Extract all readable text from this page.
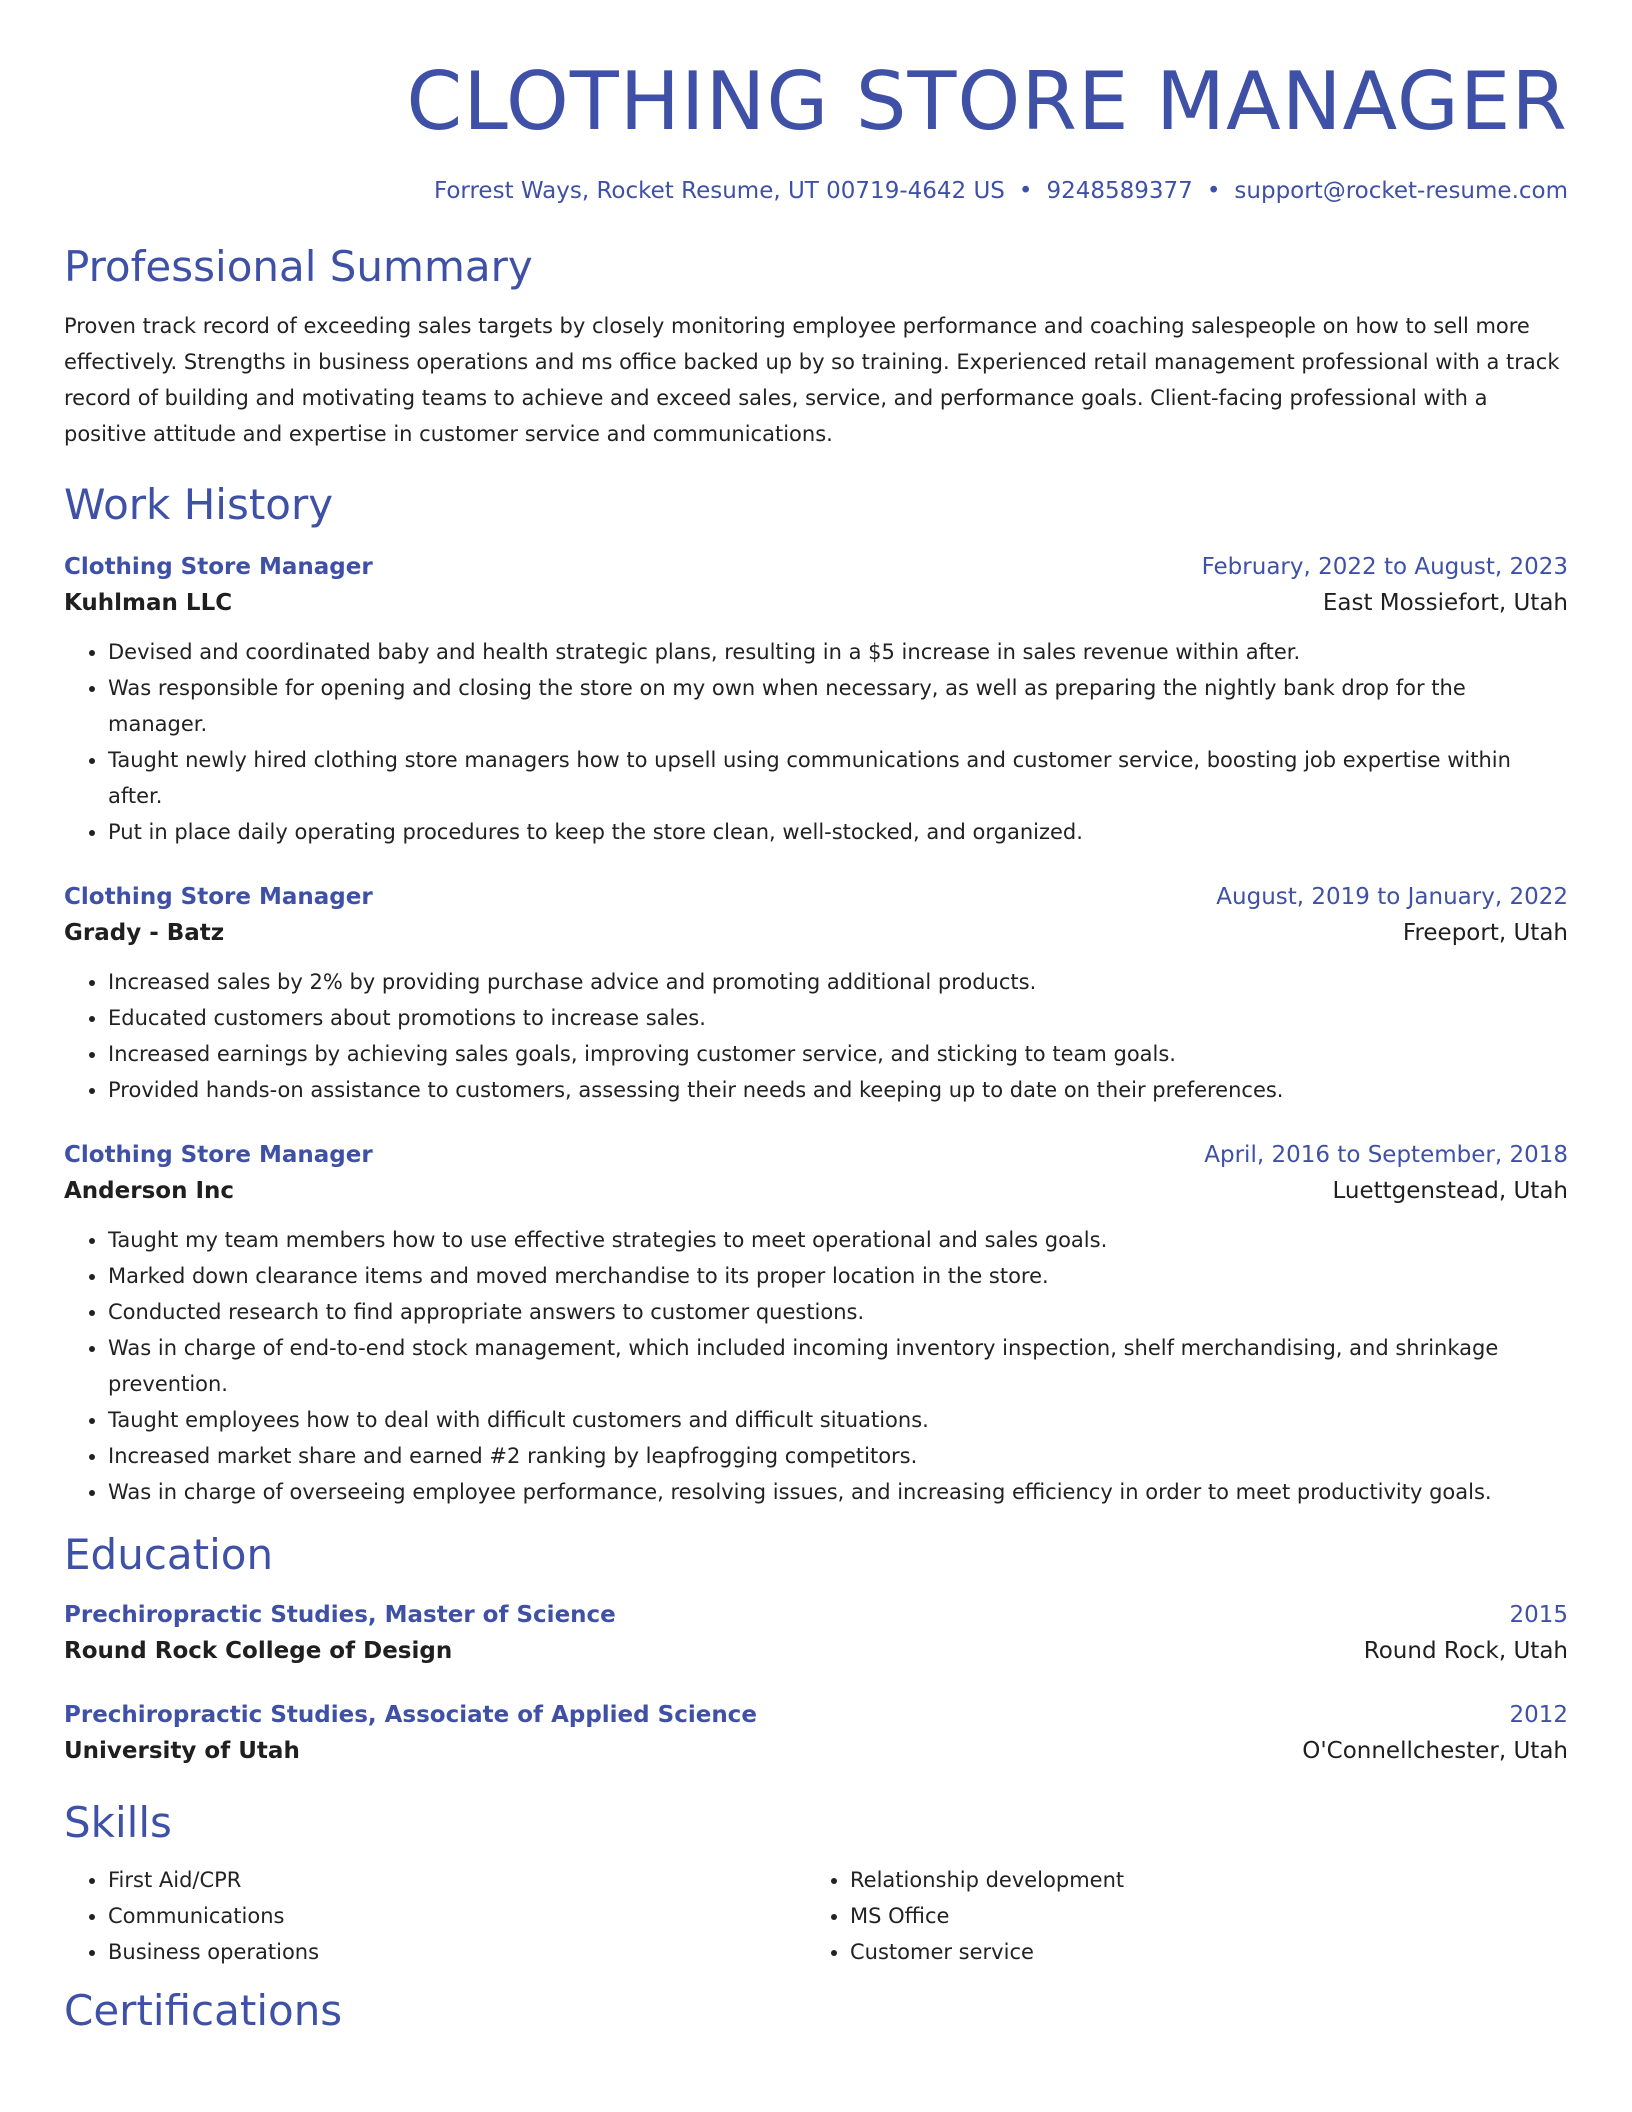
CLOTHING STORE MANAGER
Forrest Ways, Rocket Resume, UT 00719-4642 US • 9248589377 • support@rocket-resume.com
Professional Summary
Proven track record of exceeding sales targets by closely monitoring employee performance and coaching salespeople on how to sell more effectively. Strengths in business operations and ms office backed up by so training. Experienced retail management professional with a track record of building and motivating teams to achieve and exceed sales, service, and performance goals. Client-facing professional with a positive attitude and expertise in customer service and communications.
Work History
Clothing Store Manager	February, 2022 to August, 2023
Kuhlman LLC	East Mossiefort, Utah
• Devised and coordinated baby and health strategic plans, resulting in a $5 increase in sales revenue within after.
• Was responsible for opening and closing the store on my own when necessary, as well as preparing the nightly bank drop for the manager.
• Taught newly hired clothing store managers how to upsell using communications and customer service, boosting job expertise within after.
• Put in place daily operating procedures to keep the store clean, well-stocked, and organized.
Clothing Store Manager	August, 2019 to January, 2022
Grady - Batz	Freeport, Utah
• Increased sales by 2% by providing purchase advice and promoting additional products.
• Educated customers about promotions to increase sales.
• Increased earnings by achieving sales goals, improving customer service, and sticking to team goals.
• Provided hands-on assistance to customers, assessing their needs and keeping up to date on their preferences.
Clothing Store Manager	April, 2016 to September, 2018
Anderson Inc	Luettgenstead, Utah
• Taught my team members how to use effective strategies to meet operational and sales goals.
• Marked down clearance items and moved merchandise to its proper location in the store.
• Conducted research to find appropriate answers to customer questions.
• Was in charge of end-to-end stock management, which included incoming inventory inspection, shelf merchandising, and shrinkage prevention.
• Taught employees how to deal with difficult customers and difficult situations.
• Increased market share and earned #2 ranking by leapfrogging competitors.
• Was in charge of overseeing employee performance, resolving issues, and increasing efficiency in order to meet productivity goals.
Education
Prechiropractic Studies, Master of Science	2015
Round Rock College of Design	Round Rock, Utah
Prechiropractic Studies, Associate of Applied Science	2012
University of Utah	O'Connellchester, Utah
Skills
• First Aid/CPR
• Communications
• Business operations
• Relationship development
• MS Office
• Customer service
Certifications
